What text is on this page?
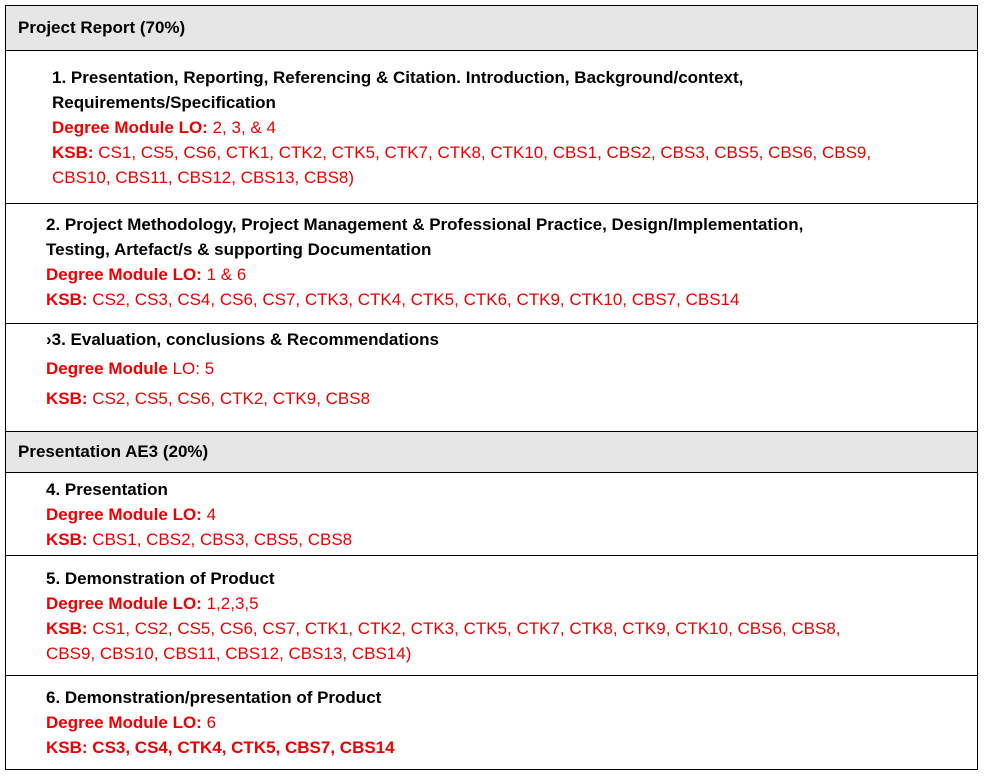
Project Report (70%)
1. Presentation, Reporting, Referencing & Citation. Introduction, Background/context,
Requirements/Specification
Degree Module LO: 2, 3, & 4
KSB: CS1, CS5, CS6, CTK1, CTK2, CTK5, CTK7, CTK8, CTK10, CBS1, CBS2, CBS3, CBS5, CBS6, CBS9,
CBS10, CBS11, CBS12, CBS13, CBS8)
2. Project Methodology, Project Management & Professional Practice, Design/Implementation,
Testing, Artefact/s & supporting Documentation
Degree Module LO: 1 & 6
KSB: CS2, CS3, CS4, CS6, CS7, CTK3, CTK4, CTK5, CTK6, CTK9, CTK10, CBS7, CBS14
›3. Evaluation, conclusions & Recommendations
Degree Module LO: 5
KSB: CS2, CS5, CS6, CTK2, CTK9, CBS8
Presentation AE3 (20%)
4. Presentation
Degree Module LO: 4
KSB: CBS1, CBS2, CBS3, CBS5, CBS8
5. Demonstration of Product
Degree Module LO: 1,2,3,5
KSB: CS1, CS2, CS5, CS6, CS7, CTK1, CTK2, CTK3, CTK5, CTK7, CTK8, CTK9, CTK10, CBS6, CBS8,
CBS9, CBS10, CBS11, CBS12, CBS13, CBS14)
6. Demonstration/presentation of Product
Degree Module LO: 6
KSB: CS3, CS4, CTK4, CTK5, CBS7, CBS14
